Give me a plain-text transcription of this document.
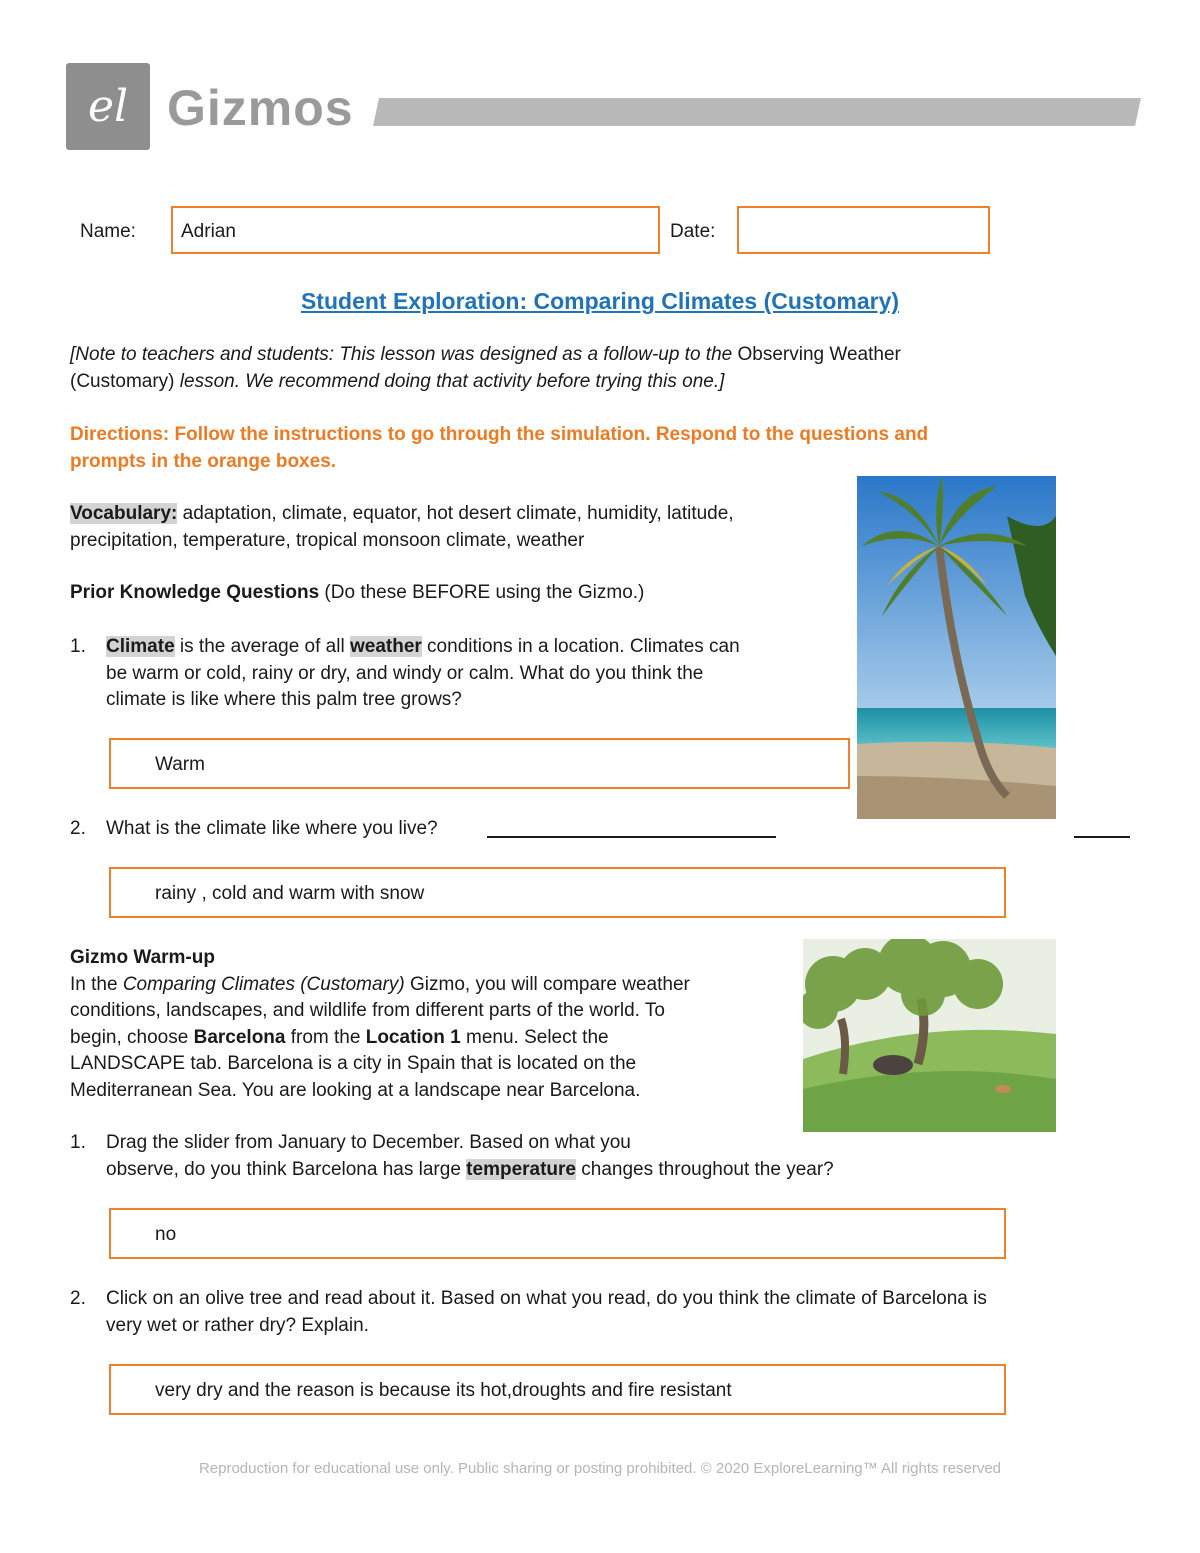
el Gizmos
Name: Adrian	Date:
Student Exploration: Comparing Climates (Customary)
[Note to teachers and students: This lesson was designed as a follow-up to the Observing Weather
(Customary) lesson. We recommend doing that activity before trying this one.]
Directions: Follow the instructions to go through the simulation. Respond to the questions and
prompts in the orange boxes.
Vocabulary: adaptation, climate, equator, hot desert climate, humidity, latitude,
precipitation, temperature, tropical monsoon climate, weather
Prior Knowledge Questions (Do these BEFORE using the Gizmo.)
1. Climate is the average of all weather conditions in a location. Climates can
be warm or cold, rainy or dry, and windy or calm. What do you think the
climate is like where this palm tree grows?
Warm
2. What is the climate like where you live?
rainy , cold and warm with snow
Gizmo Warm-up
In the Comparing Climates (Customary) Gizmo, you will compare weather
conditions, landscapes, and wildlife from different parts of the world. To
begin, choose Barcelona from the Location 1 menu. Select the
LANDSCAPE tab. Barcelona is a city in Spain that is located on the
Mediterranean Sea. You are looking at a landscape near Barcelona.
1. Drag the slider from January to December. Based on what you
observe, do you think Barcelona has large temperature changes throughout the year?
no
2. Click on an olive tree and read about it. Based on what you read, do you think the climate of Barcelona is
very wet or rather dry? Explain.
very dry and the reason is because its hot,droughts and fire resistant
Reproduction for educational use only. Public sharing or posting prohibited. © 2020 ExploreLearning™ All rights reserved
